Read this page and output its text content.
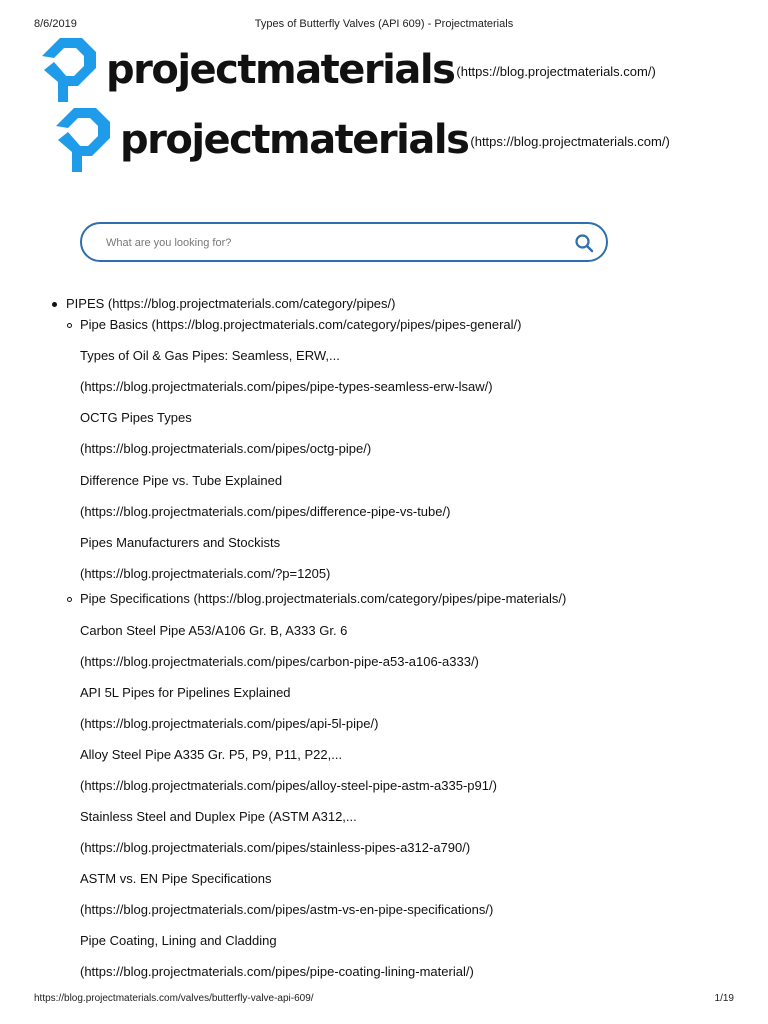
8/6/2019	Types of Butterfly Valves (API 609) - Projectmaterials
projectmaterials (https://blog.projectmaterials.com/)
projectmaterials (https://blog.projectmaterials.com/)
What are you looking for?
PIPES (https://blog.projectmaterials.com/category/pipes/)
Pipe Basics (https://blog.projectmaterials.com/category/pipes/pipes-general/)
Types of Oil & Gas Pipes: Seamless, ERW,...
(https://blog.projectmaterials.com/pipes/pipe-types-seamless-erw-lsaw/)
OCTG Pipes Types
(https://blog.projectmaterials.com/pipes/octg-pipe/)
Difference Pipe vs. Tube Explained
(https://blog.projectmaterials.com/pipes/difference-pipe-vs-tube/)
Pipes Manufacturers and Stockists
(https://blog.projectmaterials.com/?p=1205)
Pipe Specifications (https://blog.projectmaterials.com/category/pipes/pipe-materials/)
Carbon Steel Pipe A53/A106 Gr. B, A333 Gr. 6
(https://blog.projectmaterials.com/pipes/carbon-pipe-a53-a106-a333/)
API 5L Pipes for Pipelines Explained
(https://blog.projectmaterials.com/pipes/api-5l-pipe/)
Alloy Steel Pipe A335 Gr. P5, P9, P11, P22,...
(https://blog.projectmaterials.com/pipes/alloy-steel-pipe-astm-a335-p91/)
Stainless Steel and Duplex Pipe (ASTM A312,...
(https://blog.projectmaterials.com/pipes/stainless-pipes-a312-a790/)
ASTM vs. EN Pipe Specifications
(https://blog.projectmaterials.com/pipes/astm-vs-en-pipe-specifications/)
Pipe Coating, Lining and Cladding
(https://blog.projectmaterials.com/pipes/pipe-coating-lining-material/)
https://blog.projectmaterials.com/valves/butterfly-valve-api-609/	1/19
